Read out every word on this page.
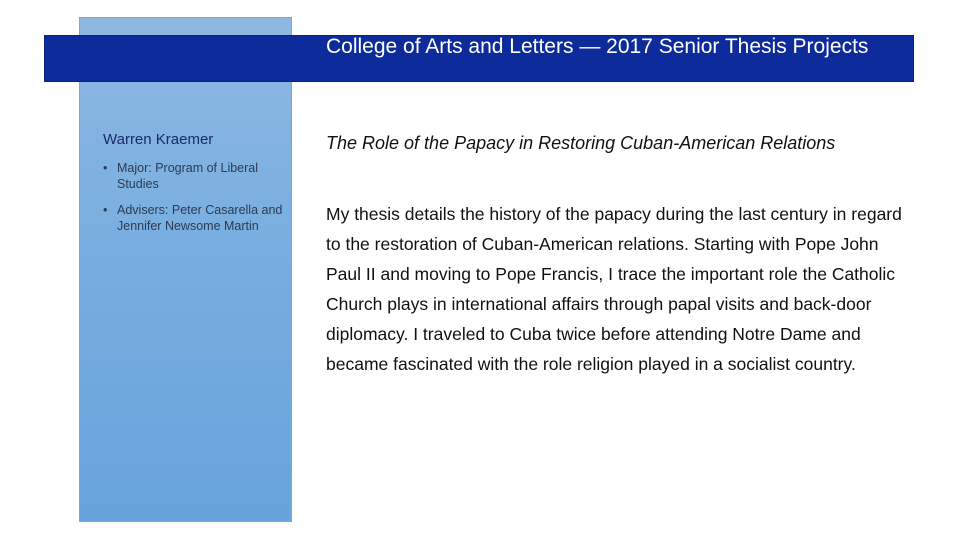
College of Arts and Letters — 2017 Senior Thesis Projects
Warren Kraemer
• Major: Program of Liberal Studies
• Advisers: Peter Casarella and Jennifer Newsome Martin
The Role of the Papacy in Restoring Cuban-American Relations

My thesis details the history of the papacy during the last century in regard to the restoration of Cuban-American relations. Starting with Pope John Paul II and moving to Pope Francis, I trace the important role the Catholic Church plays in international affairs through papal visits and back-door diplomacy. I traveled to Cuba twice before attending Notre Dame and became fascinated with the role religion played in a socialist country.
